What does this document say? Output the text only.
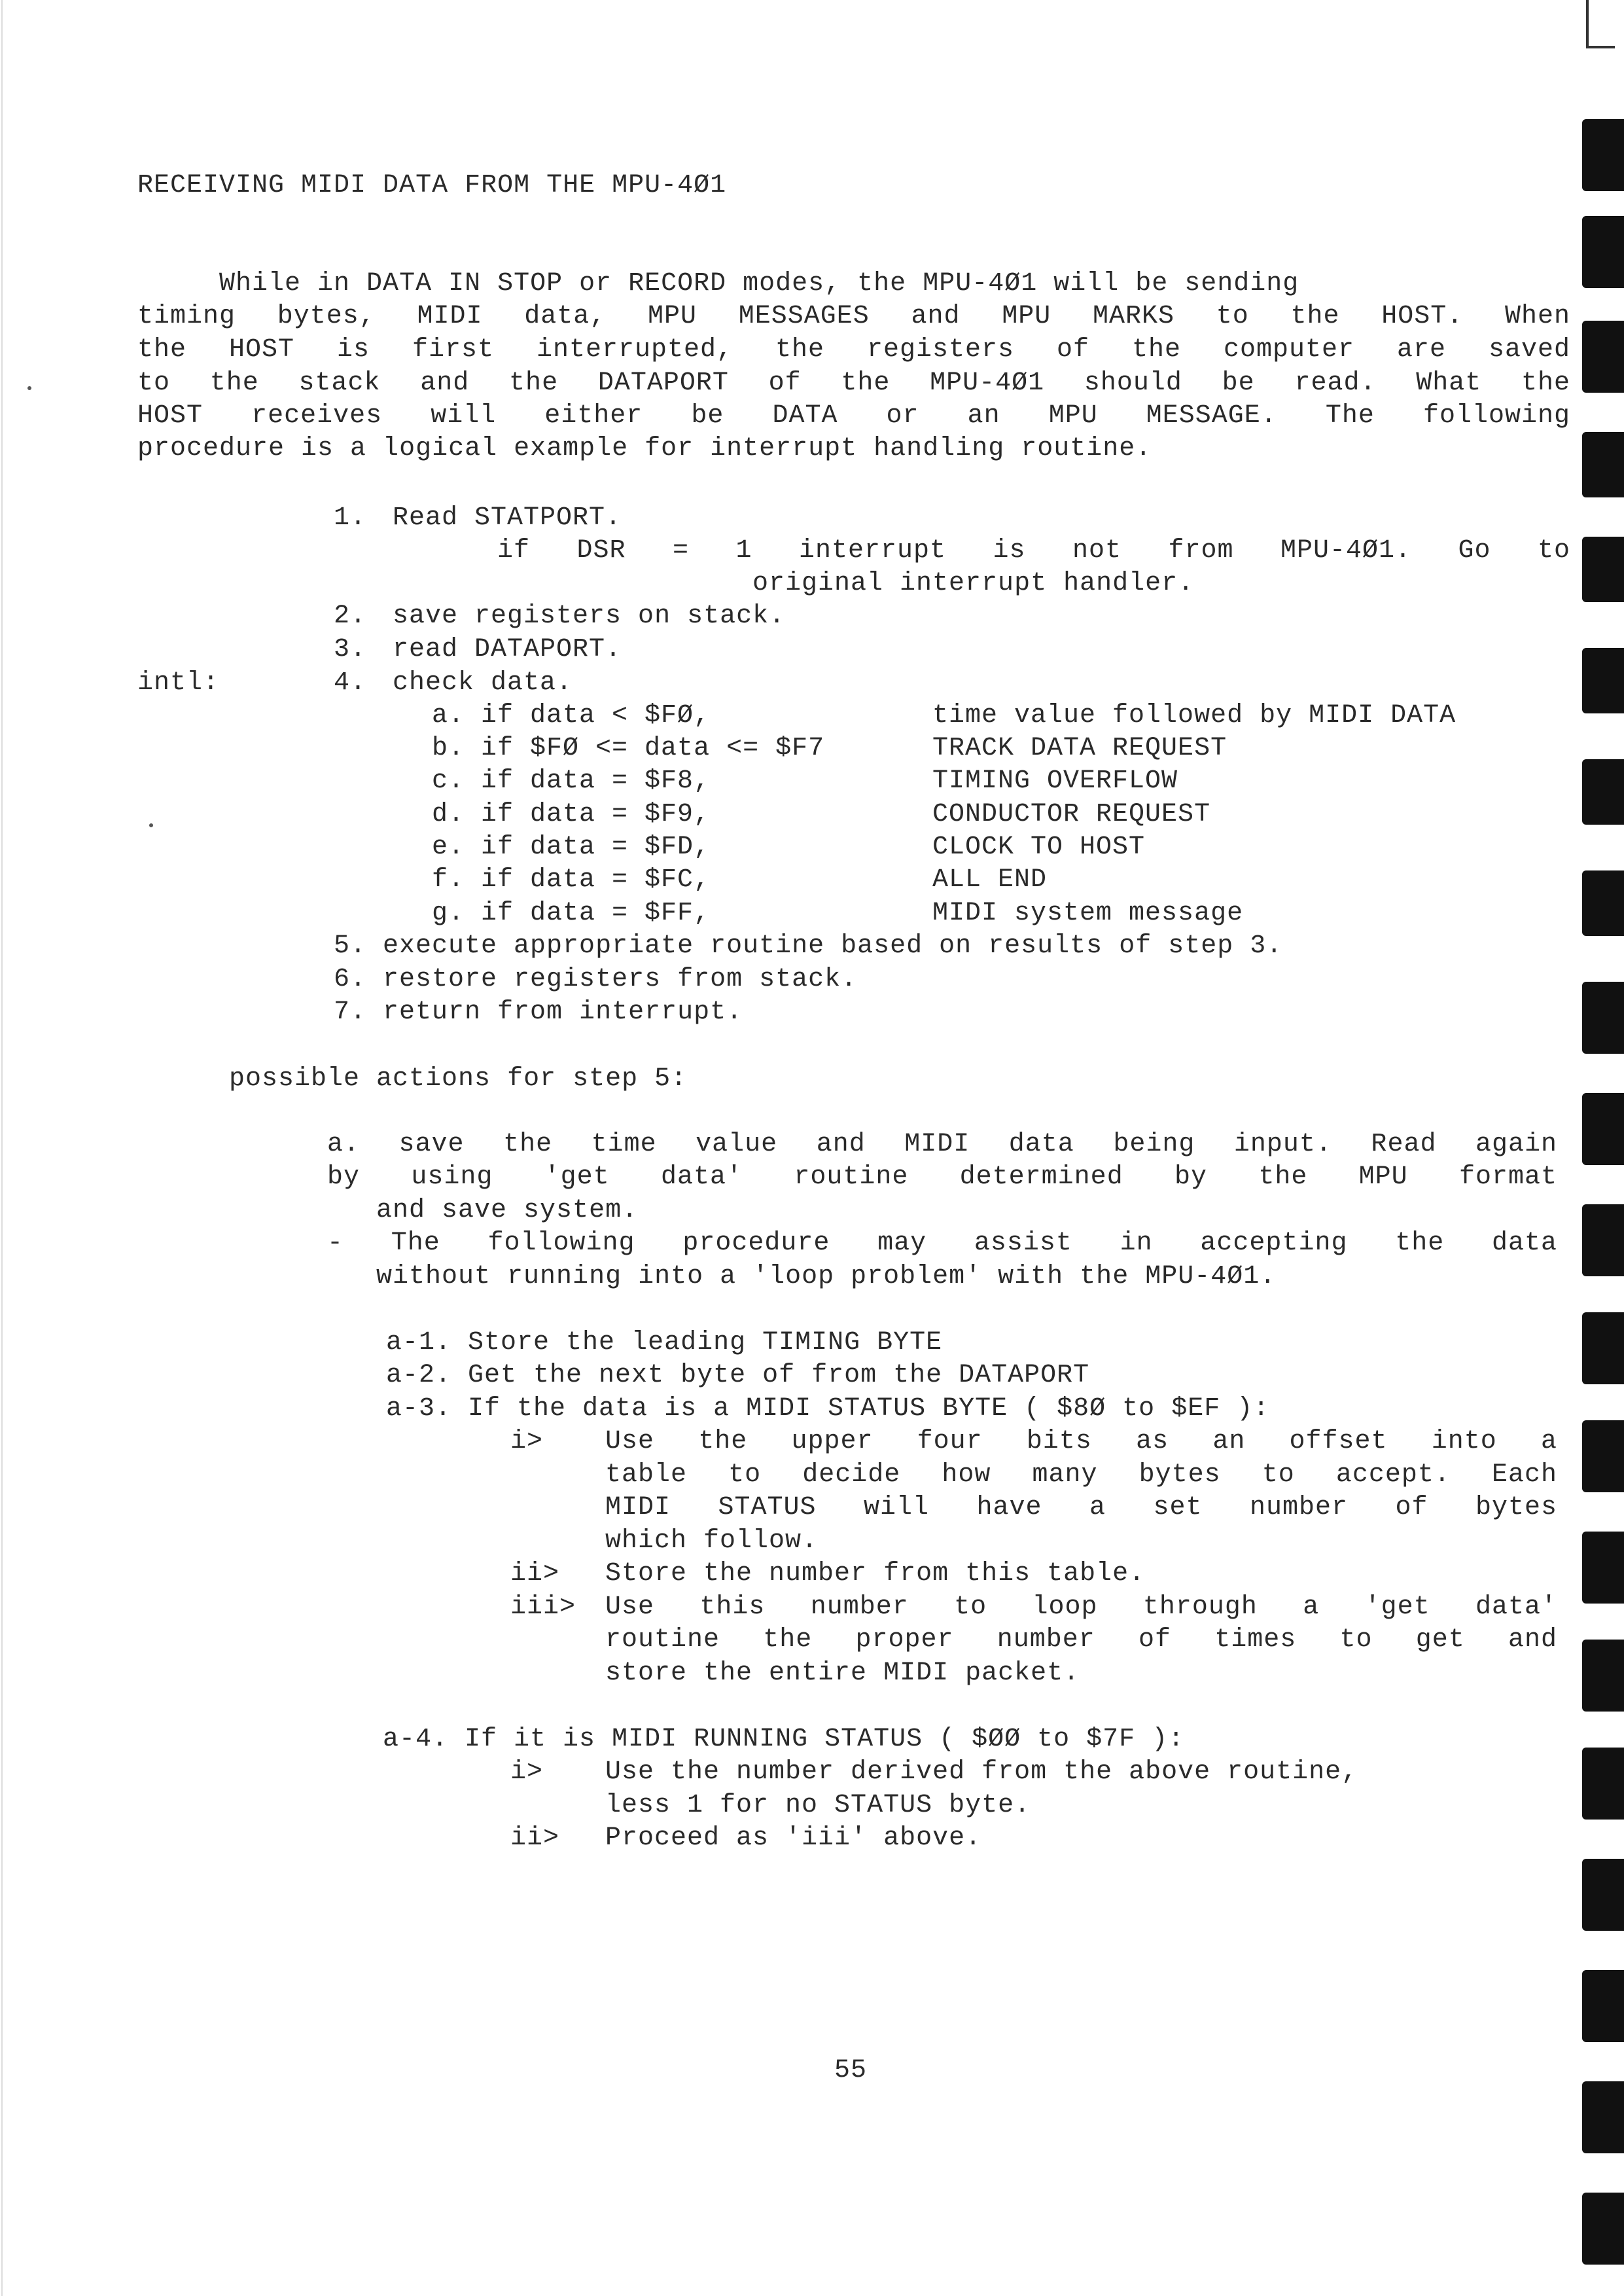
RECEIVING MIDI DATA FROM THE MPU-4Ø1
While in DATA IN STOP or RECORD modes, the MPU-4Ø1 will be sending
timing bytes, MIDI data, MPU MESSAGES and MPU MARKS to the HOST. When
the HOST is first interrupted, the registers of the computer are saved
to the stack and the DATAPORT of the MPU-4Ø1 should be read. What the
HOST receives will either be DATA or an MPU MESSAGE. The following
procedure is a logical example for interrupt handling routine.
1. Read STATPORT.
if DSR = 1 interrupt is not from MPU-4Ø1. Go to
original interrupt handler.
2. save registers on stack.
3. read DATAPORT.
intl:	4. check data.
a. if data < $FØ,	time value followed by MIDI DATA
b. if $FØ <= data <= $F7	TRACK DATA REQUEST
c. if data = $F8,	TIMING OVERFLOW
d. if data = $F9,	CONDUCTOR REQUEST
e. if data = $FD,	CLOCK TO HOST
f. if data = $FC,	ALL END
g. if data = $FF,	MIDI system message
5. execute appropriate routine based on results of step 3.
6. restore registers from stack.
7. return from interrupt.
possible actions for step 5:
a. save the time value and MIDI data being input. Read again
by using 'get data' routine determined by the MPU format
and save system.
- The following procedure may assist in accepting the data
without running into a 'loop problem' with the MPU-4Ø1.
a-1. Store the leading TIMING BYTE
a-2. Get the next byte of from the DATAPORT
a-3. If the data is a MIDI STATUS BYTE ( $8Ø to $EF ):
i> Use the upper four bits as an offset into a
table to decide how many bytes to accept. Each
MIDI STATUS will have a set number of bytes
which follow.
ii> Store the number from this table.
iii> Use this number to loop through a 'get data'
routine the proper number of times to get and
store the entire MIDI packet.
a-4. If it is MIDI RUNNING STATUS ( $ØØ to $7F ):
i> Use the number derived from the above routine,
less 1 for no STATUS byte.
ii> Proceed as 'iii' above.
55
